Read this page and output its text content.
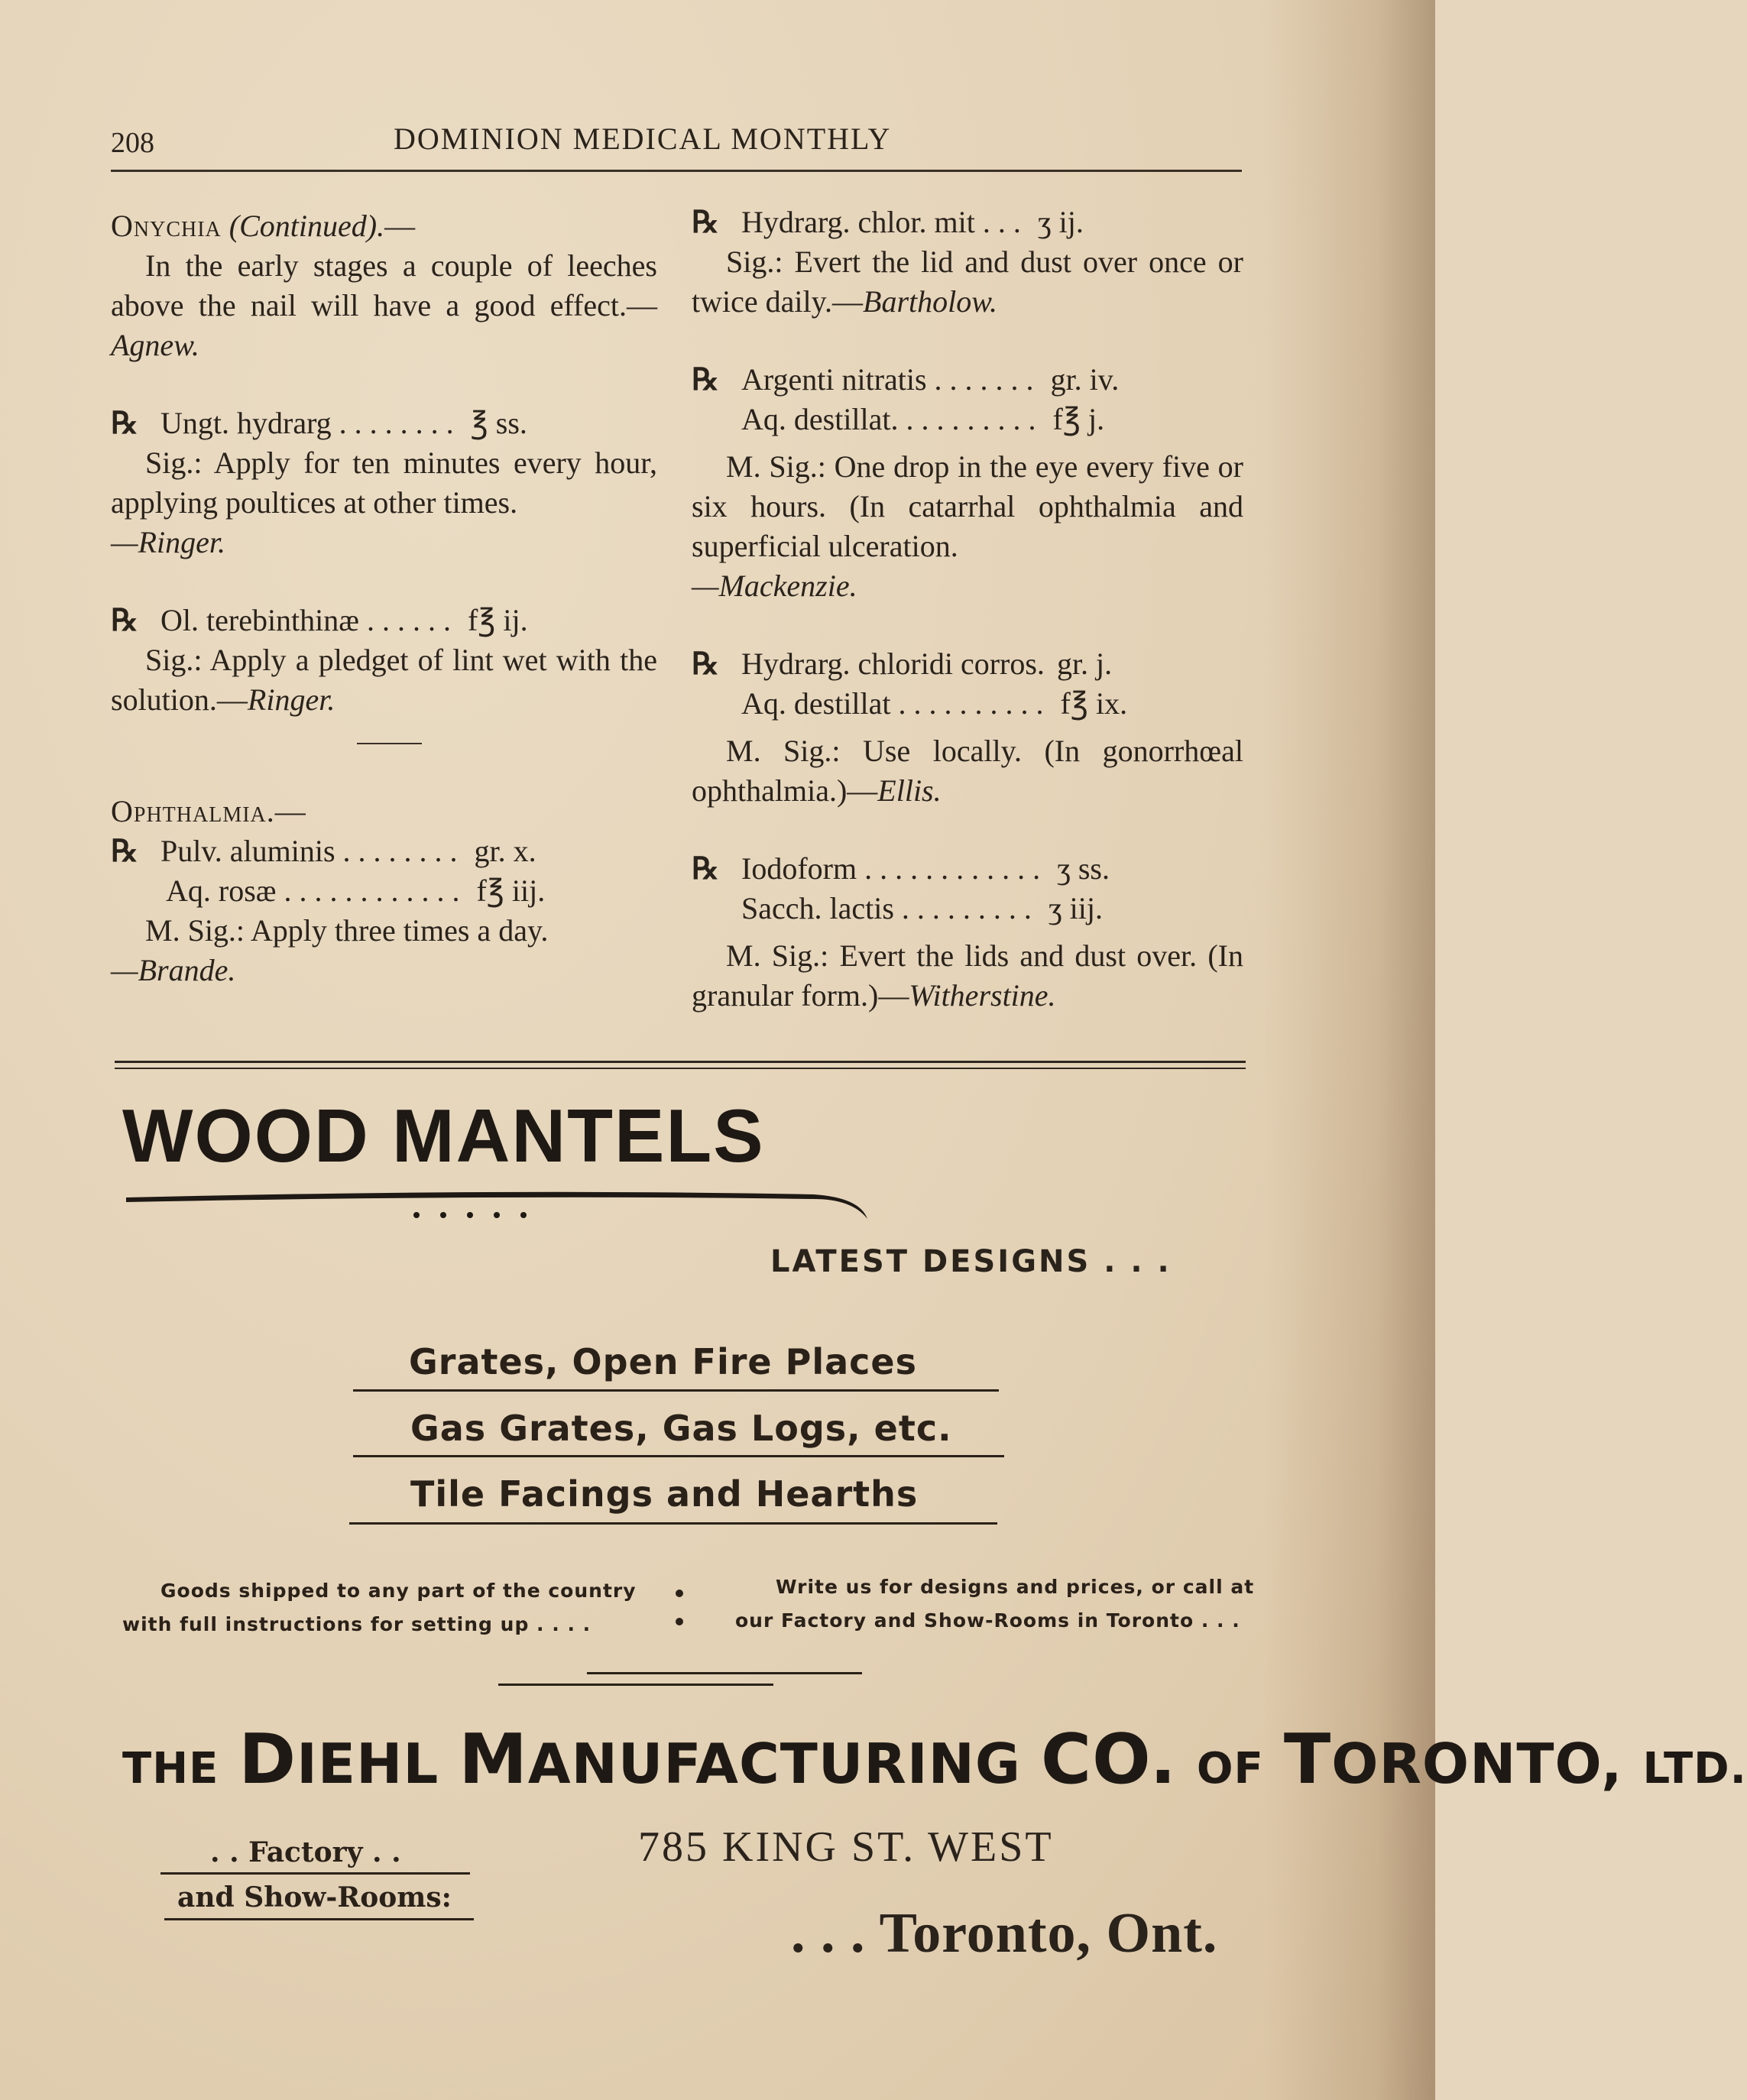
208	DOMINION MEDICAL MONTHLY

Onychia (Continued).—

In the early stages a couple of leeches above the nail will have a good effect.—Agnew.

℞ Ungt. hydrarg . . . . . . . . ℥ ss.

Sig.: Apply for ten minutes every hour, applying poultices at other times.

—Ringer.

℞ Ol. terebinthinæ . . . . . . f℥ ij.

Sig.: Apply a pledget of lint wet with the solution.—Ringer.

Ophthalmia.—

℞ Pulv. aluminis . . . . . . . . gr. x.
Aq. rosæ . . . . . . . . . . . . f℥ iij.

M. Sig.: Apply three times a day.

—Brande.

℞ Hydrarg. chlor. mit . . . ʒ ij.

Sig.: Evert the lid and dust over once or twice daily.—Bartholow.

℞ Argenti nitratis . . . . . . . gr. iv.
Aq. destillat. . . . . . . . . . f℥ j.

M. Sig.: One drop in the eye every five or six hours. (In catarrhal ophthalmia and superficial ulceration.

—Mackenzie.

℞ Hydrarg. chloridi corros. gr. j.
Aq. destillat . . . . . . . . . . f℥ ix.

M. Sig.: Use locally. (In gonorrhœal ophthalmia.)—Ellis.

℞ Iodoform . . . . . . . . . . . . ʒ ss.
Sacch. lactis . . . . . . . . . ʒ iij.

M. Sig.: Evert the lids and dust over. (In granular form.)—Witherstine.

WOOD MANTELS
LATEST DESIGNS . . .
Grates, Open Fire Places
Gas Grates, Gas Logs, etc.
Tile Facings and Hearths
Goods shipped to any part of the country
with full instructions for setting up . . . .
Write us for designs and prices, or call at
our Factory and Show-Rooms in Toronto . . .
THE DIEHL MANUFACTURING CO. OF TORONTO, LTD.
. . Factory . .
and Show-Rooms:
785 KING ST. WEST
. . . Toronto, Ont.
